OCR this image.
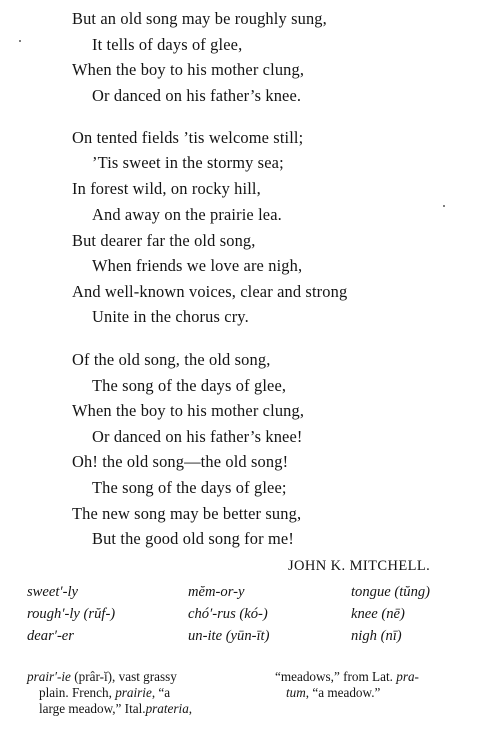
But an old song may be roughly sung,
It tells of days of glee,
When the boy to his mother clung,
Or danced on his father’s knee.
On tented fields ’tis welcome still;
’Tis sweet in the stormy sea;
In forest wild, on rocky hill,
And away on the prairie lea.
But dearer far the old song,
When friends we love are nigh,
And well-known voices, clear and strong
Unite in the chorus cry.
Of the old song, the old song,
The song of the days of glee,
When the boy to his mother clung,
Or danced on his father’s knee!
Oh! the old song—the old song!
The song of the days of glee;
The new song may be better sung,
But the good old song for me!
JOHN K. MITCHELL.
sweet′-ly
rough′-ly (rŭf-)
dear′-er
mĕm-or-y
chó′-rus (kó-)
un-ite (yūn-īt)
tongue (tŭng)
knee (nē)
nigh (nī)
prair′-ie (prâr-ĭ), vast grassy
plain. French, prairie, “a
large meadow,” Ital.prateria,
“meadows,” from Lat. pra-
tum, “a meadow.”
